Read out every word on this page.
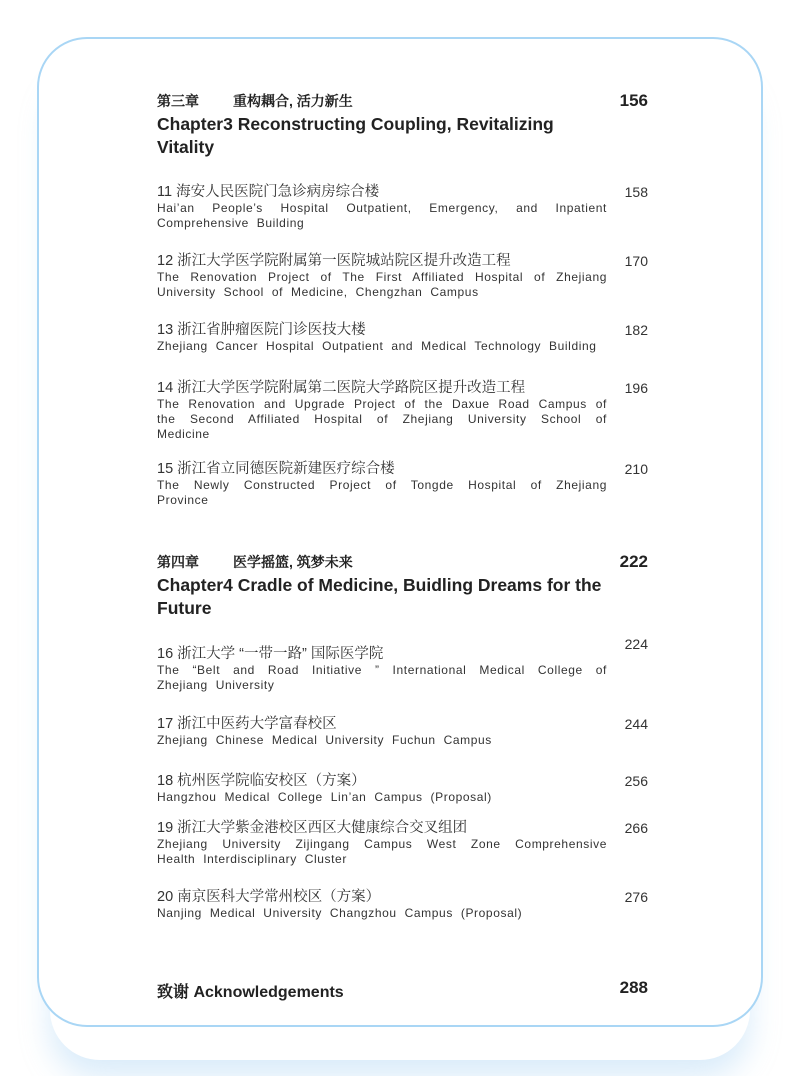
第三章 重构耦合, 活力新生
Chapter3 Reconstructing Coupling, Revitalizing Vitality
156
11 海安人民医院门急诊病房综合楼
Hai’an People’s Hospital Outpatient, Emergency, and Inpatient Comprehensive Building
158
12 浙江大学医学院附属第一医院城站院区提升改造工程
The Renovation Project of The First Affiliated Hospital of Zhejiang University School of Medicine, Chengzhan Campus
170
13 浙江省肿瘤医院门诊医技大楼
Zhejiang Cancer Hospital Outpatient and Medical Technology Building
182
14 浙江大学医学院附属第二医院大学路院区提升改造工程
The Renovation and Upgrade Project of the Daxue Road Campus of the Second Affiliated Hospital of Zhejiang University School of Medicine
196
15 浙江省立同德医院新建医疗综合楼
The Newly Constructed Project of Tongde Hospital of Zhejiang Province
210
第四章 医学摇篮, 筑梦未来
Chapter4 Cradle of Medicine, Buidling Dreams for the Future
222
16 浙江大学 “一带一路” 国际医学院
The “Belt and Road Initiative ” International Medical College of Zhejiang University
224
17 浙江中医药大学富春校区
Zhejiang Chinese Medical University Fuchun Campus
244
18 杭州医学院临安校区（方案）
Hangzhou Medical College Lin’an Campus (Proposal)
256
19 浙江大学紫金港校区西区大健康综合交叉组团
Zhejiang University Zijingang Campus West Zone Comprehensive Health Interdisciplinary Cluster
266
20 南京医科大学常州校区（方案）
Nanjing Medical University Changzhou Campus (Proposal)
276
致谢 Acknowledgements	288
